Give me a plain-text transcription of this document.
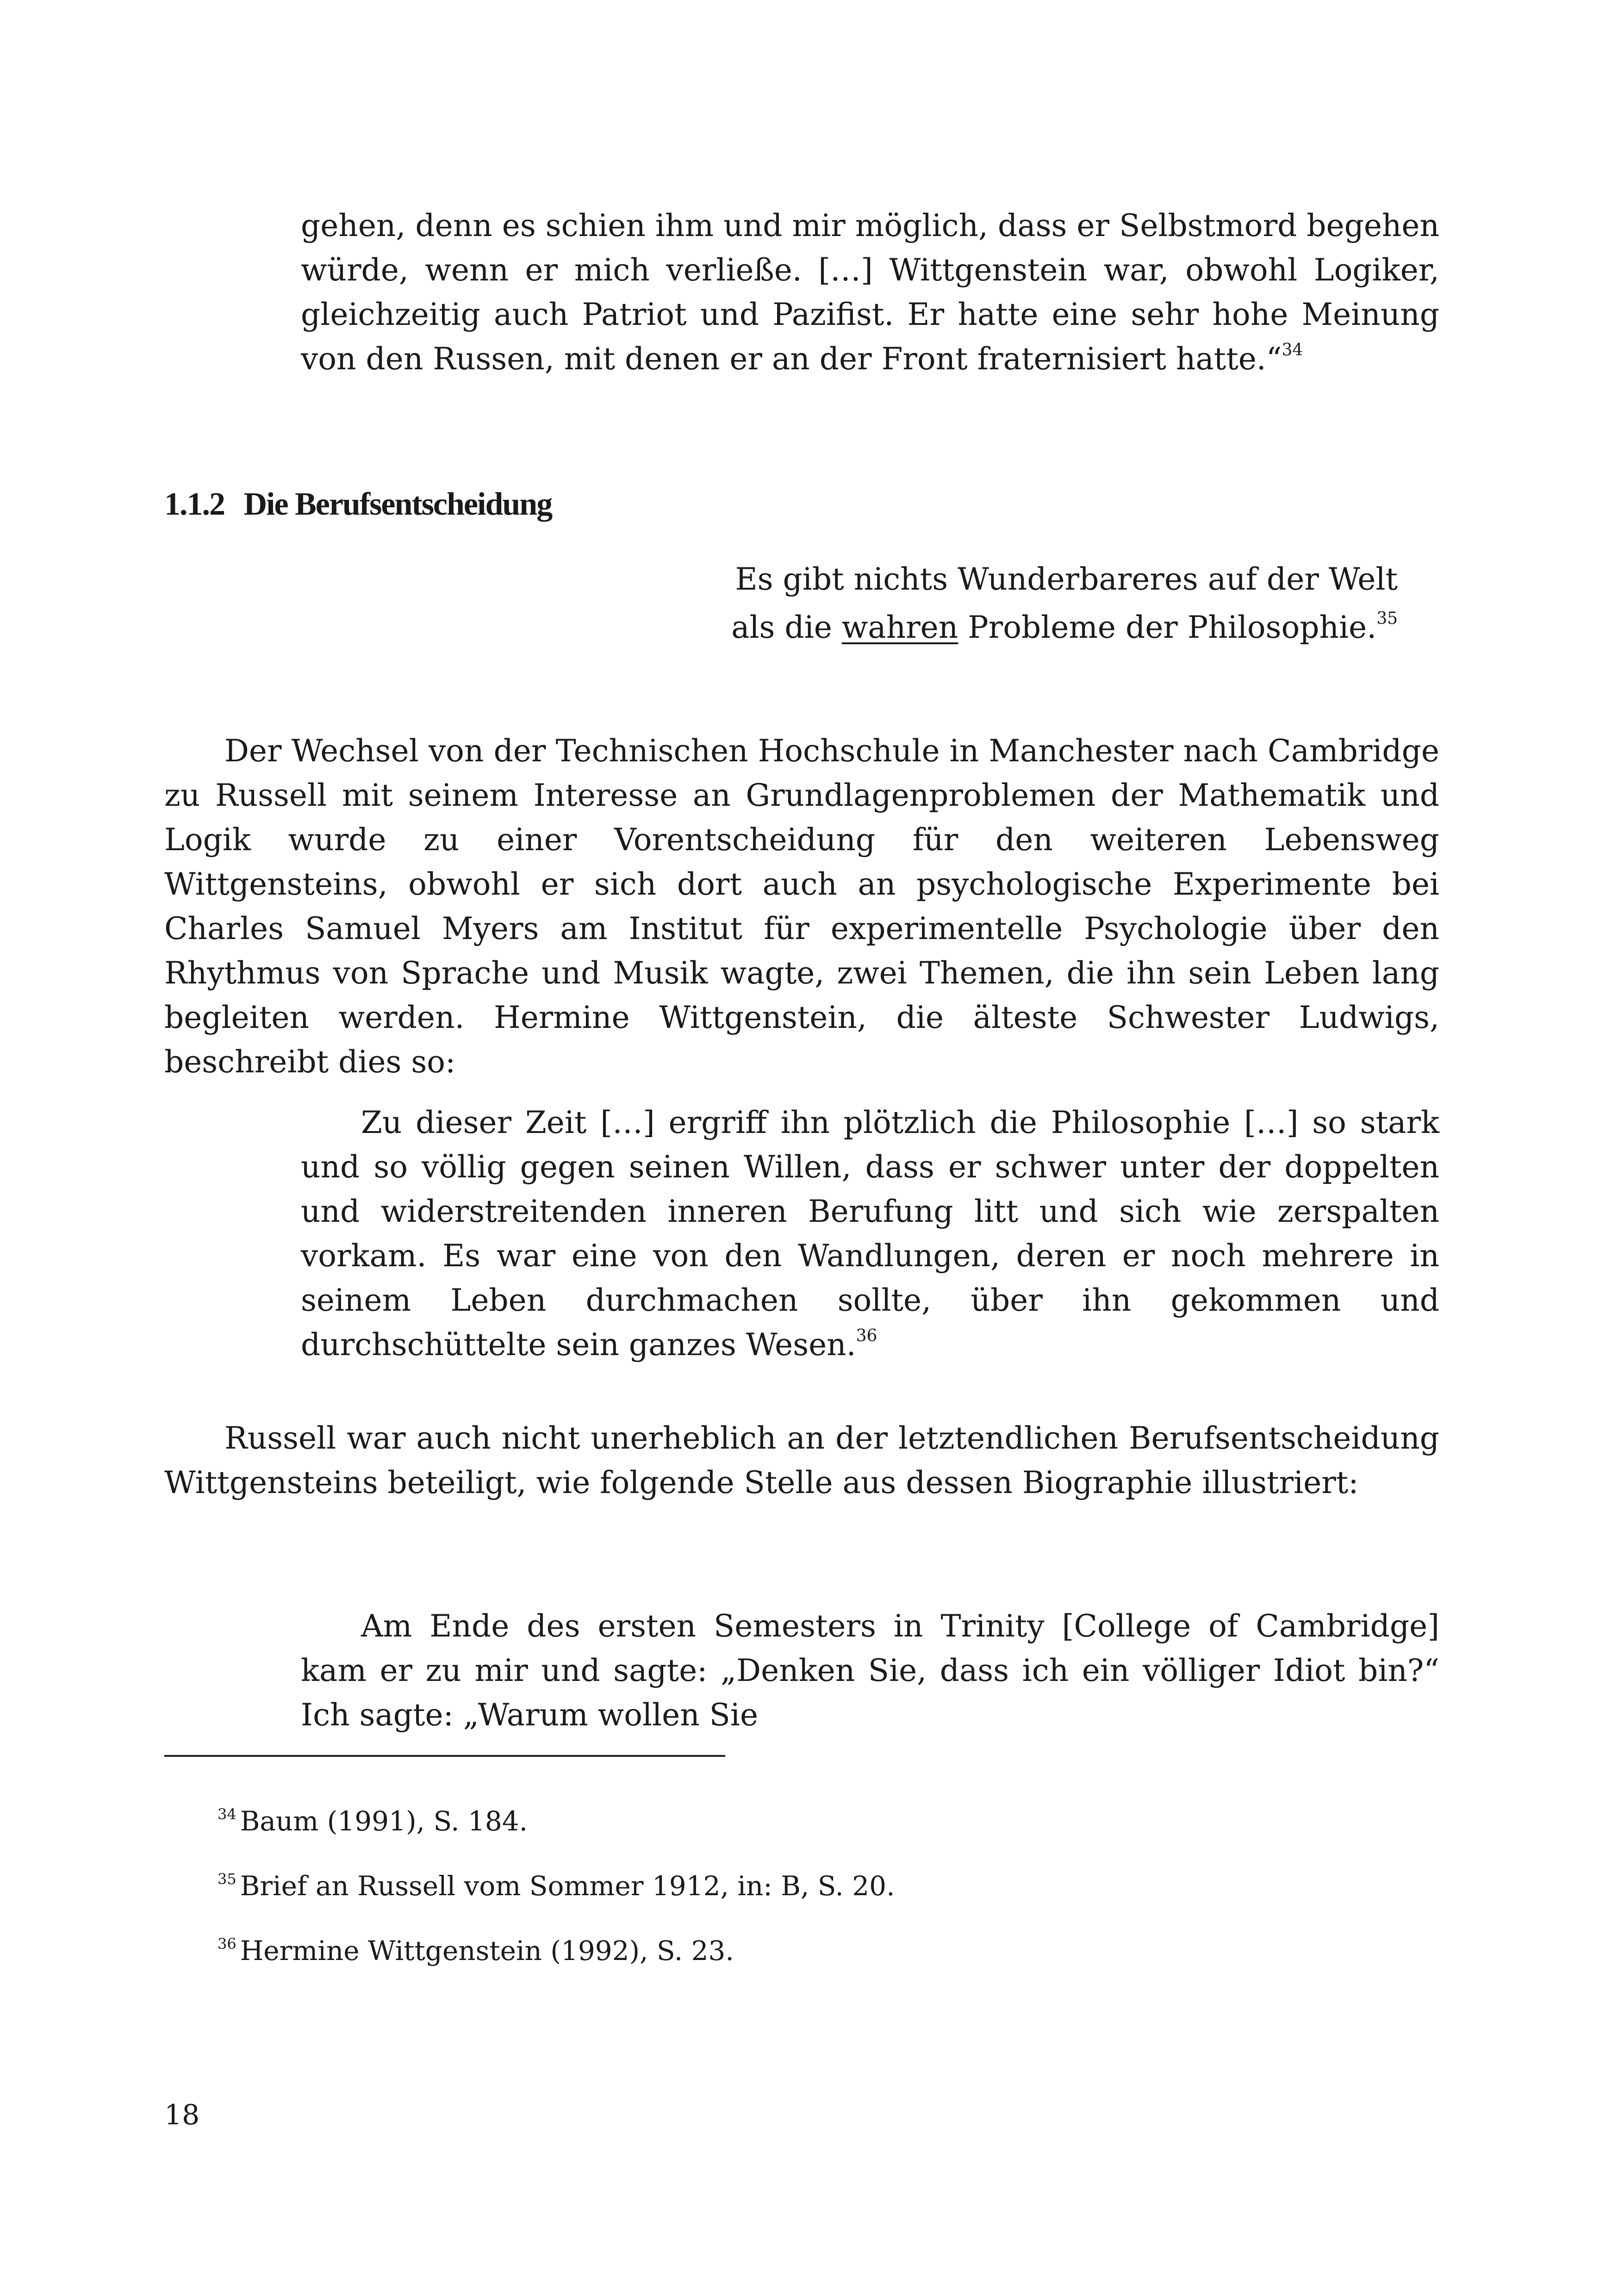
gehen, denn es schien ihm und mir möglich, dass er Selbstmord begehen würde, wenn er mich verließe. […] Wittgenstein war, obwohl Logiker, gleichzeitig auch Patriot und Pazifist. Er hatte eine sehr hohe Meinung von den Russen, mit denen er an der Front fraternisiert hatte.“$^{34}$

1.1.2 Die Berufsentscheidung
Es gibt nichts Wunderbareres auf der Welt
als die wahren Probleme der Philosophie.$^{35}$

Der Wechsel von der Technischen Hochschule in Manchester nach Cambridge zu Russell mit seinem Interesse an Grundlagenproblemen der Mathematik und Logik wurde zu einer Vorentscheidung für den weiteren Lebensweg Wittgensteins, obwohl er sich dort auch an psychologische Experimente bei Charles Samuel Myers am Institut für experimentelle Psychologie über den Rhythmus von Sprache und Musik wagte, zwei Themen, die ihn sein Leben lang begleiten werden. Hermine Wittgenstein, die älteste Schwester Ludwigs, beschreibt dies so:

Zu dieser Zeit […] ergriff ihn plötzlich die Philosophie […] so stark und so völlig gegen seinen Willen, dass er schwer unter der doppelten und widerstreitenden inneren Berufung litt und sich wie zerspalten vorkam. Es war eine von den Wandlungen, deren er noch mehrere in seinem Leben durchmachen sollte, über ihn gekommen und durchschüttelte sein ganzes Wesen.$^{36}$

Russell war auch nicht unerheblich an der letztendlichen Berufsentscheidung Wittgensteins beteiligt, wie folgende Stelle aus dessen Biographie illustriert:

Am Ende des ersten Semesters in Trinity [College of Cambridge] kam er zu mir und sagte: „Denken Sie, dass ich ein völliger Idiot bin?“ Ich sagte: „Warum wollen Sie

$^{34}$ Baum (1991), S. 184.
$^{35}$ Brief an Russell vom Sommer 1912, in: B, S. 20.
$^{36}$ Hermine Wittgenstein (1992), S. 23.
18
